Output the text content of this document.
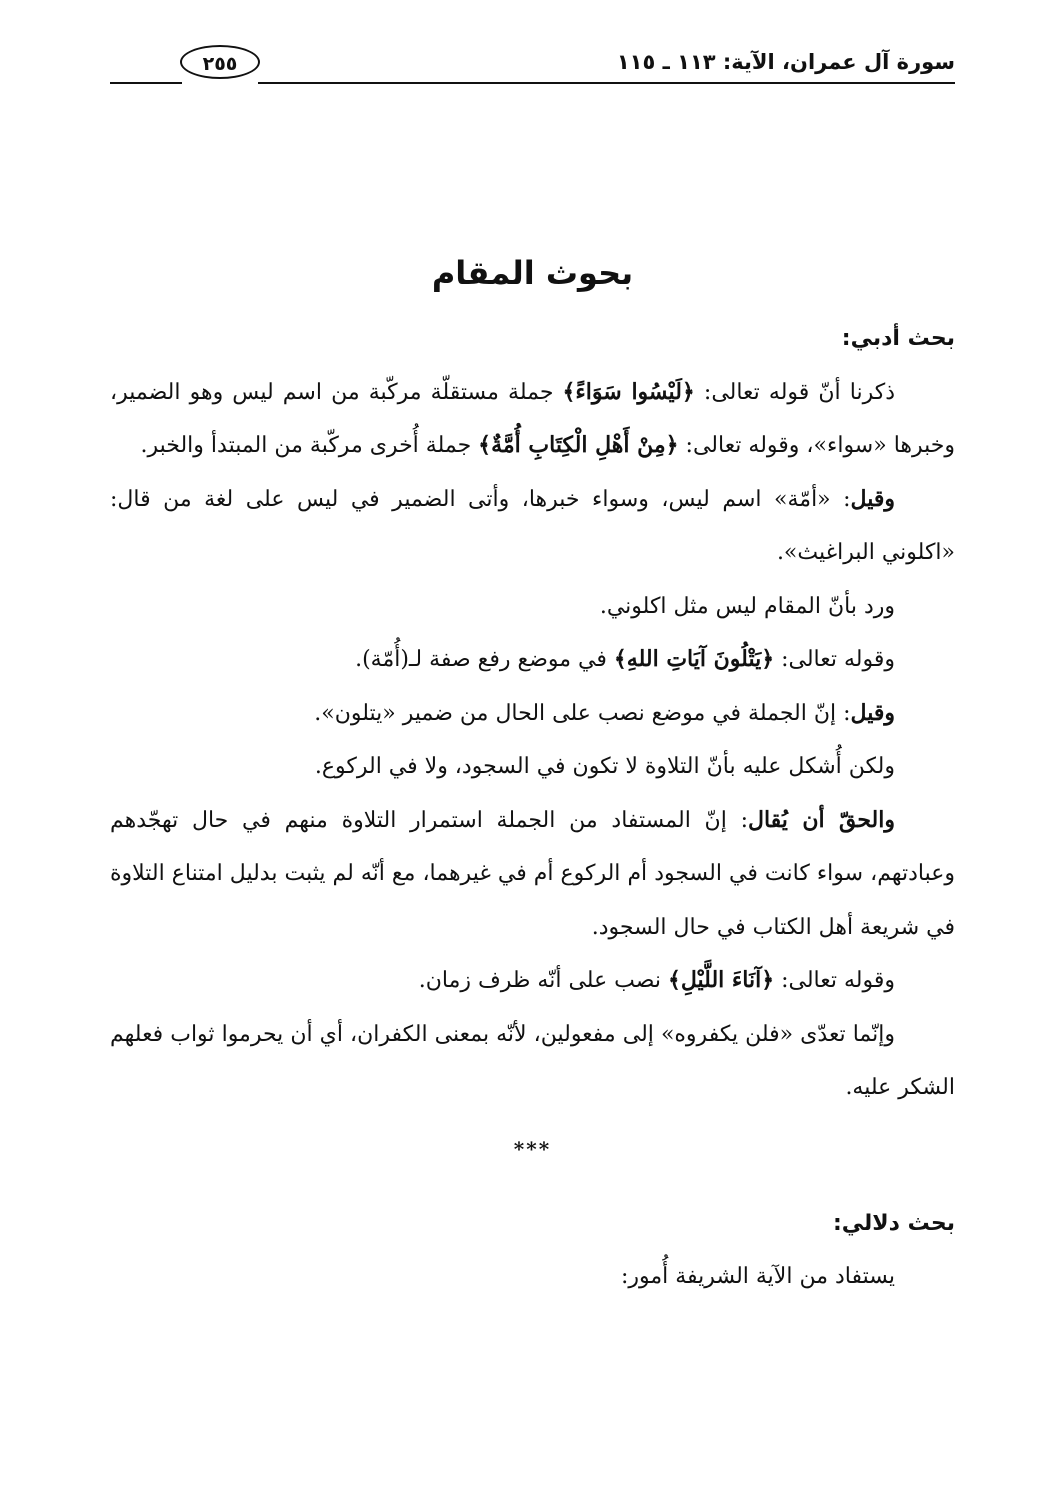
سورة آل عمران، الآية: ١١٣ ـ ١١٥
٢٥٥
بحوث المقام

بحث أدبي:

ذكرنا أنّ قوله تعالى: ﴿لَيْسُوا سَوَاءً﴾ جملة مستقلّة مركّبة من اسم ليس وهو الضمير، وخبرها «سواء»، وقوله تعالى: ﴿مِنْ أَهْلِ الْكِتَابِ أُمَّةٌ﴾ جملة أُخرى مركّبة من المبتدأ والخبر.

وقيل: «أمّة» اسم ليس، وسواء خبرها، وأتى الضمير في ليس على لغة من قال: «اكلوني البراغيث».

ورد بأنّ المقام ليس مثل اكلوني.

وقوله تعالى: ﴿يَتْلُونَ آيَاتِ اللهِ﴾ في موضع رفع صفة لـ(أُمّة).

وقيل: إنّ الجملة في موضع نصب على الحال من ضمير «يتلون».

ولكن أُشكل عليه بأنّ التلاوة لا تكون في السجود، ولا في الركوع.

والحقّ أن يُقال: إنّ المستفاد من الجملة استمرار التلاوة منهم في حال تهجّدهم وعبادتهم، سواء كانت في السجود أم الركوع أم في غيرهما، مع أنّه لم يثبت بدليل امتناع التلاوة في شريعة أهل الكتاب في حال السجود.

وقوله تعالى: ﴿آنَاءَ اللَّيْلِ﴾ نصب على أنّه ظرف زمان.

وإنّما تعدّى «فلن يكفروه» إلى مفعولين، لأنّه بمعنى الكفران، أي أن يحرموا ثواب فعلهم الشكر عليه.

***

بحث دلالي:

يستفاد من الآية الشريفة أُمور:
